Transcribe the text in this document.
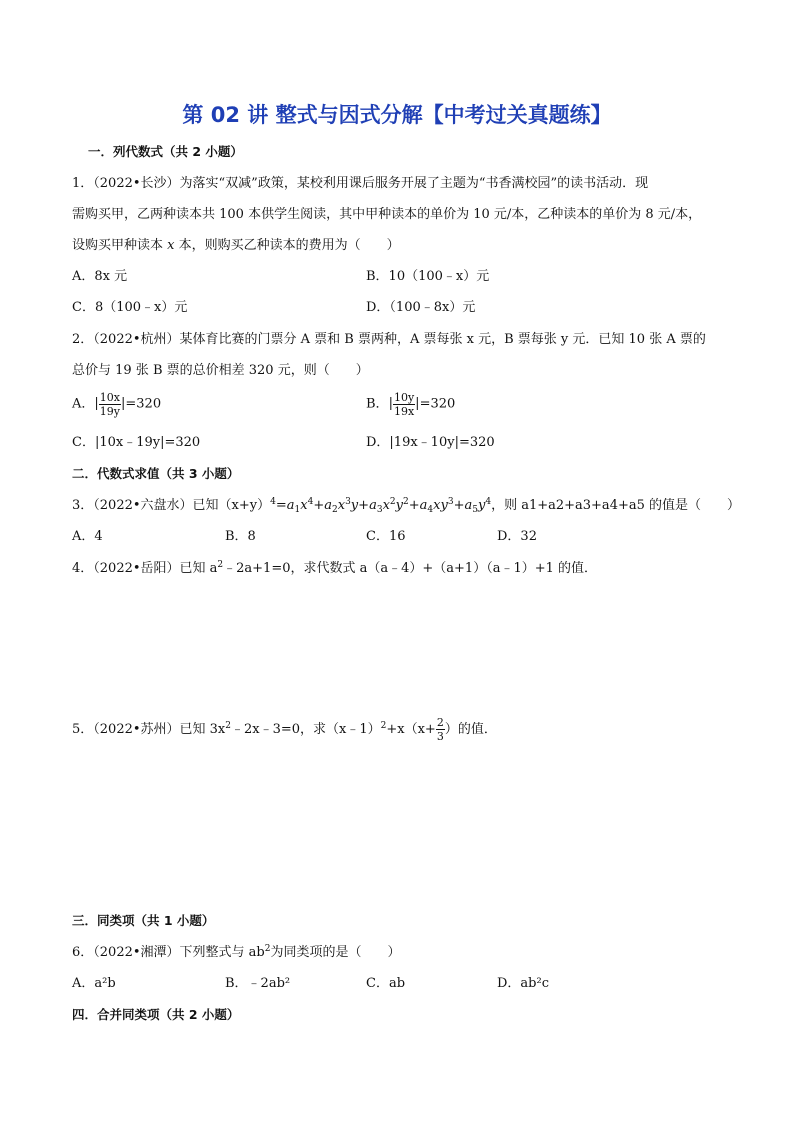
第 02 讲 整式与因式分解【中考过关真题练】
一．列代数式（共 2 小题）
1．（2022•长沙）为落实“双减”政策，某校利用课后服务开展了主题为“书香满校园”的读书活动．现
需购买甲，乙两种读本共 100 本供学生阅读，其中甲种读本的单价为 10 元/本，乙种读本的单价为 8 元/本，
设购买甲种读本 x 本，则购买乙种读本的费用为（　　）
A．8x 元	B．10（100﹣x）元
C．8（100﹣x）元	D．（100﹣8x）元
2．（2022•杭州）某体育比赛的门票分 A 票和 B 票两种，A 票每张 x 元，B 票每张 y 元．已知 10 张 A 票的
总价与 19 张 B 票的总价相差 320 元，则（　　）
A．| $\frac{10x}{19y} |=320$	B．| $\frac{10y}{19x} |=320$
C．|10x﹣19y|=320	D．|19x﹣10y|=320
二．代数式求值（共 3 小题）
3．（2022•六盘水）已知$(x+y)^4=a_1x^4+a_2x^3y+a_3x^2y^2+a_4xy^3+a_5y^4$，则 a1+a2+a3+a4+a5 的值是（　　）
A．4	B．8	C．16	D．32
4．（2022•岳阳）已知 $a^2﹣2a+1=0$，求代数式 a（a﹣4）+（a+1）（a﹣1）+1 的值．
5．（2022•苏州）已知 $3x^2﹣2x﹣3=0$，求（x﹣1）$^2$+x（x+ $\frac{2}{3}$ ）的值．
三．同类项（共 1 小题）
6．（2022•湘潭）下列整式与 $ab^2$为同类项的是（　　）
A．a²b	B．﹣2ab²	C．ab	D．ab²c
四．合并同类项（共 2 小题）
